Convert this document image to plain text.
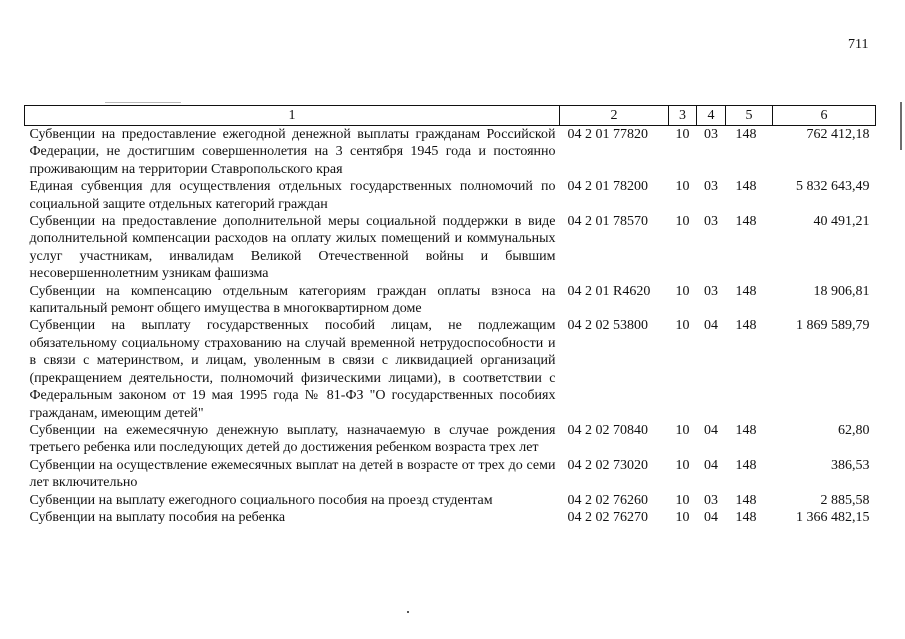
711
1	2	3	4	5	6
Субвенции на предоставление ежегодной денежной выплаты гражданам Российской Федерации, не достигшим совершеннолетия на 3 сентября 1945 года и постоянно проживающим на территории Ставропольского края	04 2 01 77820	10	03	148	762 412,18
Единая субвенция для осуществления отдельных государственных полномочий по социальной защите отдельных категорий граждан	04 2 01 78200	10	03	148	5 832 643,49
Субвенции на предоставление дополнительной меры социальной поддержки в виде дополнительной компенсации расходов на оплату жилых помещений и коммунальных услуг участникам, инвалидам Великой Отечественной войны и бывшим несовершеннолетним узникам фашизма	04 2 01 78570	10	03	148	40 491,21
Субвенции на компенсацию отдельным категориям граждан оплаты взноса на капитальный ремонт общего имущества в многоквартирном доме	04 2 01 R4620	10	03	148	18 906,81
Субвенции на выплату государственных пособий лицам, не подлежащим обязательному социальному страхованию на случай временной нетрудоспособности и в связи с материнством, и лицам, уволенным в связи с ликвидацией организаций (прекращением деятельности, полномочий физическими лицами), в соответствии с Федеральным законом от 19 мая 1995 года № 81-ФЗ "О государственных пособиях гражданам, имеющим детей"	04 2 02 53800	10	04	148	1 869 589,79
Субвенции на ежемесячную денежную выплату, назначаемую в случае рождения третьего ребенка или последующих детей до достижения ребенком возраста трех лет	04 2 02 70840	10	04	148	62,80
Субвенции на осуществление ежемесячных выплат на детей в возрасте от трех до семи лет включительно	04 2 02 73020	10	04	148	386,53
Субвенции на выплату ежегодного социального пособия на проезд студентам	04 2 02 76260	10	03	148	2 885,58
Субвенции на выплату пособия на ребенка	04 2 02 76270	10	04	148	1 366 482,15
